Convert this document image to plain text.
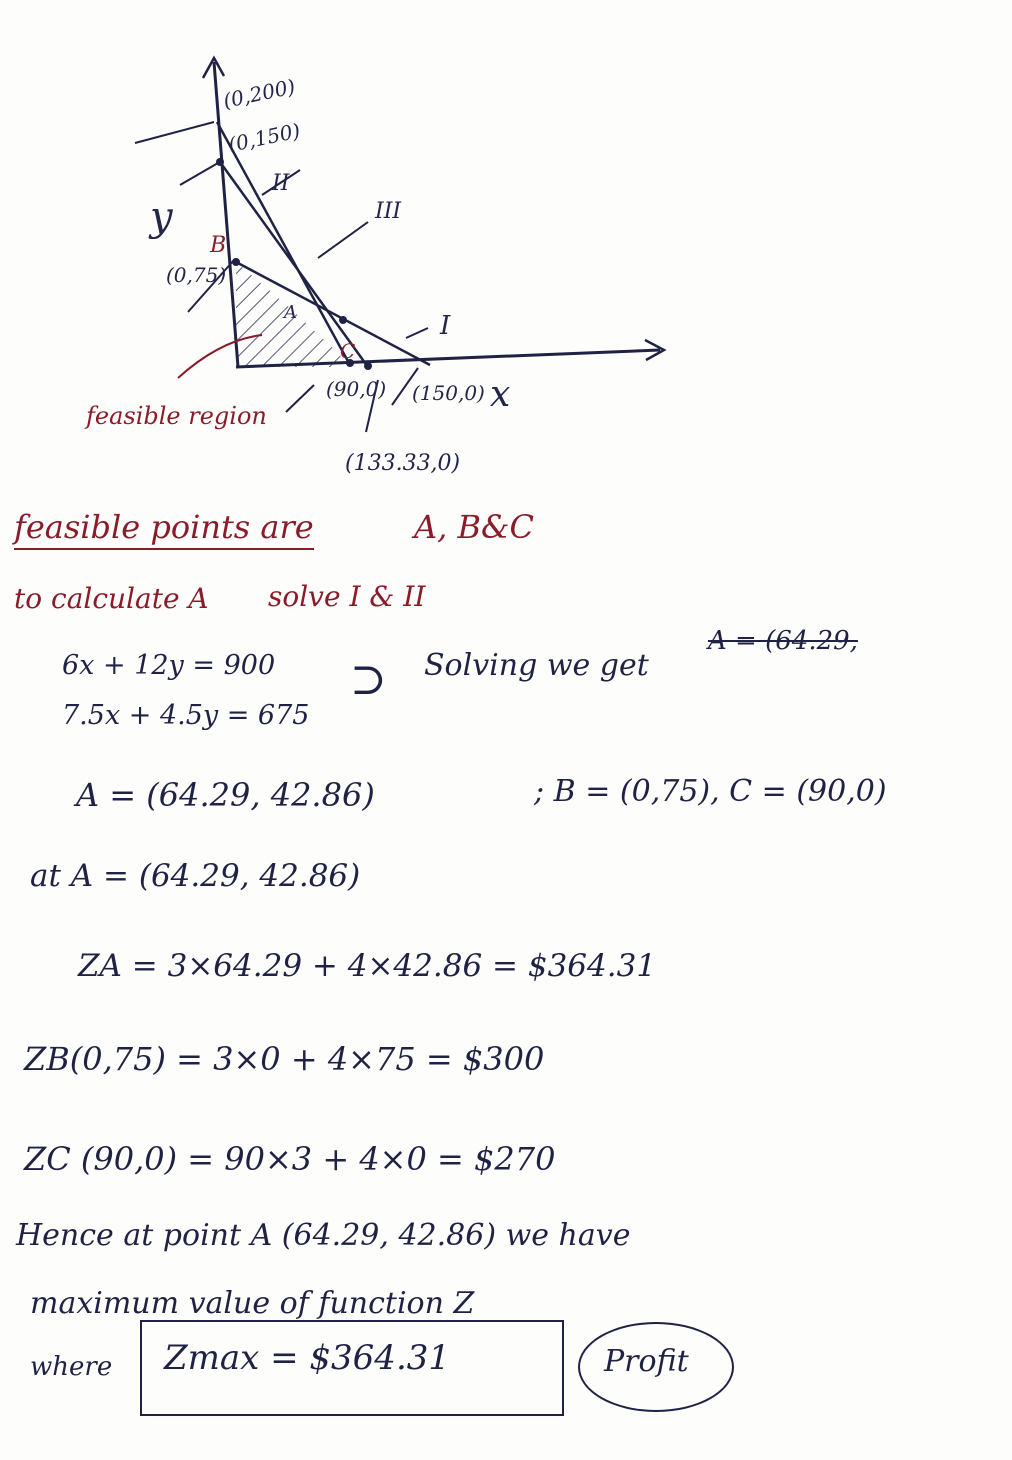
(0,200)
(0,150)
II
III
y
B
(0,75)
A	I
C
(90,0) (150,0) x
(133.33,0)
feasible region
feasible points are	A, B&C
to calculate A solve I & II
6x + 12y = 900
7.5x + 4.5y = 675
⊃ Solving we get
A = (64.29,
A = (64.29, 42.86)	; B = (0,75), C = (90,0)
at A = (64.29, 42.86)
ZA = 3×64.29 + 4×42.86 = $364.31
ZB(0,75) = 3×0 + 4×75 = $300
ZC (90,0) = 90×3 + 4×0 = $270
Hence at point A (64.29, 42.86) we have
maximum value of function Z
where Zmax = $364.31	Profit
